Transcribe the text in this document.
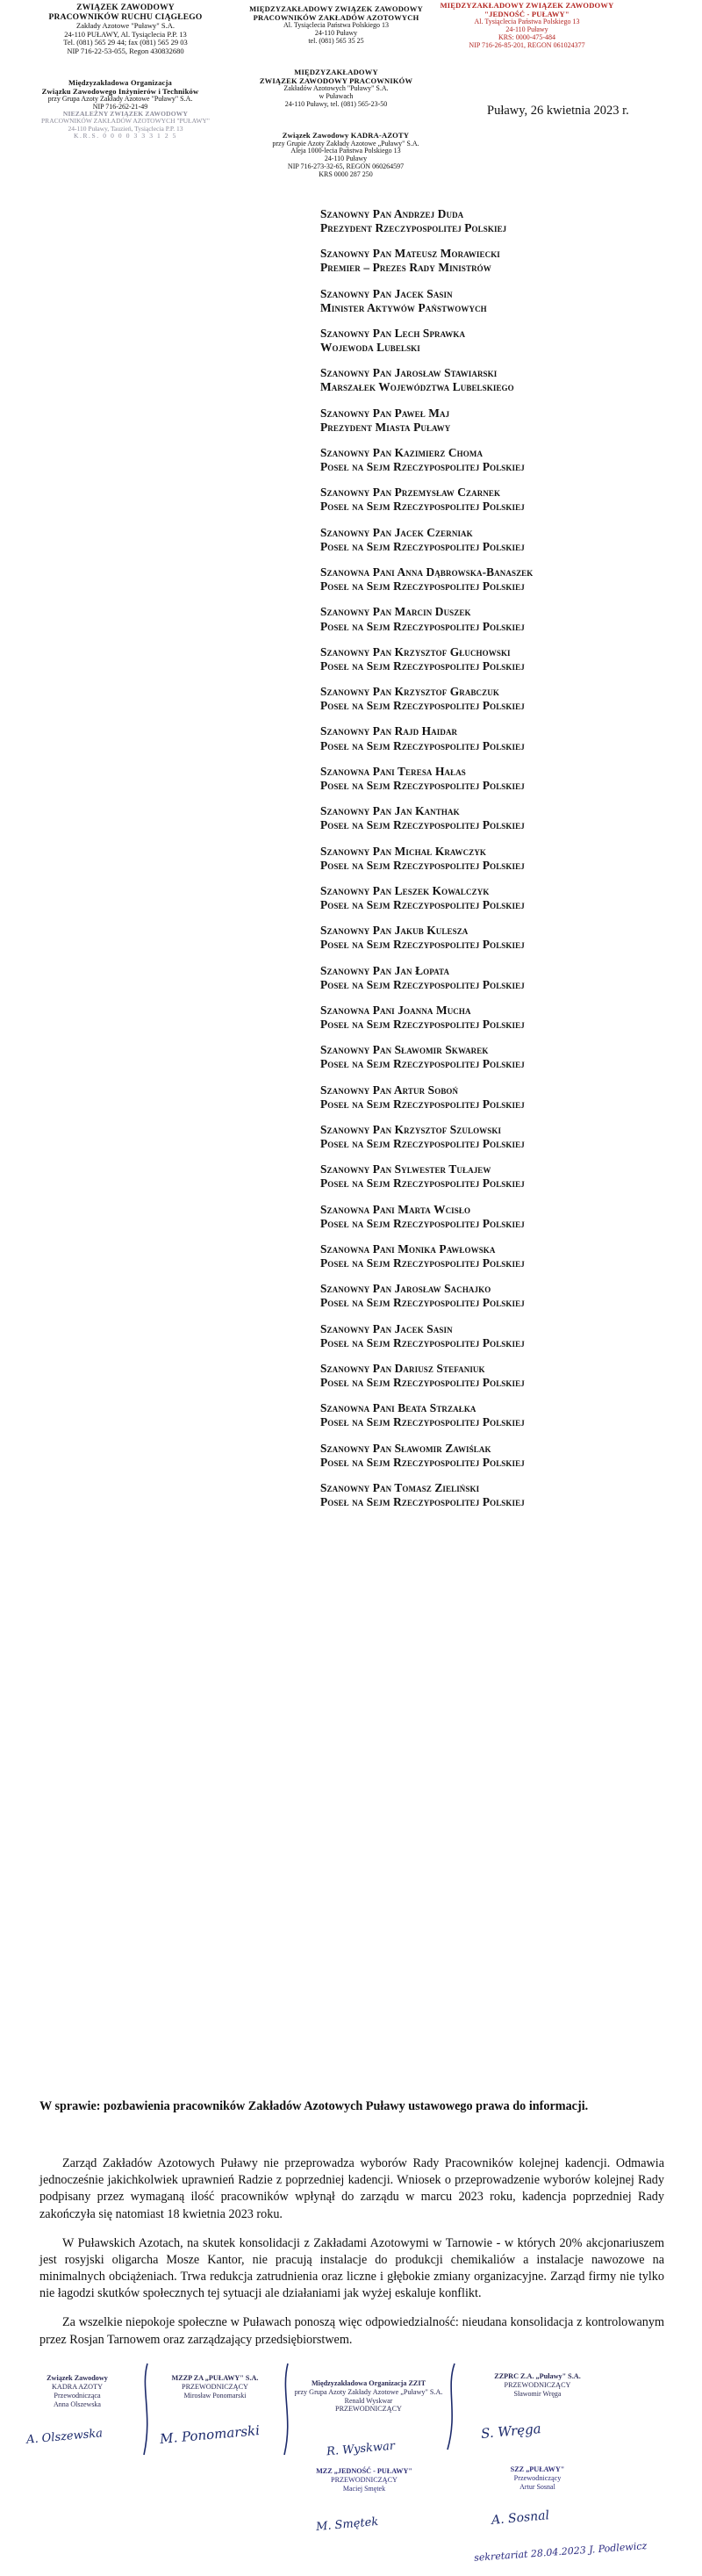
ZWIĄZEK ZAWODOWY
PRACOWNIKÓW RUCHU CIĄGŁEGO
Zakłady Azotowe "Puławy" S.A.
24-110 PUŁAWY, Al. Tysiąclecia P.P. 13
Tel. (081) 565 29 44; fax (081) 565 29 03
NIP 716-22-53-055, Regon 430832680
Międzyzakładowa Organizacja
Związku Zawodowego Inżynierów i Techników
przy Grupa Azoty Zakłady Azotowe "Puławy" S.A.
NIP 716-262-21-49
NIEZALEŻNY ZWIĄZEK ZAWODOWY
PRACOWNIKÓW ZAKŁADÓW AZOTOWYCH "PUŁAWY"
24-110 Puławy, Tauzień, Tysiąclecia P.P. 13
K.R.S. 0 0 0 0 3 3 3 1 2 5
MIĘDZYZAKŁADOWY ZWIĄZEK ZAWODOWY
PRACOWNIKÓW ZAKŁADÓW AZOTOWYCH
Al. Tysiąclecia Państwa Polskiego 13
24-110 Puławy
tel. (081) 565 35 25
MIĘDZYZAKŁADOWY
ZWIĄZEK ZAWODOWY PRACOWNIKÓW
Zakładów Azotowych "Puławy" S.A.
w Puławach
24-110 Puławy, tel. (081) 565-23-50
MIĘDZYZAKŁADOWY ZWIĄZEK ZAWODOWY
"JEDNOŚĆ - PUŁAWY"
Al. Tysiąclecia Państwa Polskiego 13
24-110 Puławy
KRS: 0000-475-484
NIP 716-26-85-201, REGON 061024377
Związek Zawodowy KADRA-AZOTY
przy Grupie Azoty Zakłady Azotowe „Puławy" S.A.
Aleja 1000-lecia Państwa Polskiego 13
24-110 Puławy
NIP 716-273-32-65, REGON 060264597
KRS 0000 287 250
Puławy, 26 kwietnia 2023 r.
Szanowny Pan Andrzej Duda
Prezydent Rzeczypospolitej Polskiej
Szanowny Pan Mateusz Morawiecki
Premier – Prezes Rady Ministrów
Szanowny Pan Jacek Sasin
Minister Aktywów Państwowych
Szanowny Pan Lech Sprawka
Wojewoda Lubelski
Szanowny Pan Jarosław Stawiarski
Marszałek Województwa Lubelskiego
Szanowny Pan Paweł Maj
Prezydent Miasta Puławy
Szanowny Pan Kazimierz Choma
Poseł na Sejm Rzeczypospolitej Polskiej
Szanowny Pan Przemysław Czarnek
Poseł na Sejm Rzeczypospolitej Polskiej
Szanowny Pan Jacek Czerniak
Poseł na Sejm Rzeczypospolitej Polskiej
Szanowna Pani Anna Dąbrowska-Banaszek
Poseł na Sejm Rzeczypospolitej Polskiej
Szanowny Pan Marcin Duszek
Poseł na Sejm Rzeczypospolitej Polskiej
Szanowny Pan Krzysztof Głuchowski
Poseł na Sejm Rzeczypospolitej Polskiej
Szanowny Pan Krzysztof Grabczuk
Poseł na Sejm Rzeczypospolitej Polskiej
Szanowny Pan Rajd Haidar
Poseł na Sejm Rzeczypospolitej Polskiej
Szanowna Pani Teresa Hałas
Poseł na Sejm Rzeczypospolitej Polskiej
Szanowny Pan Jan Kanthak
Poseł na Sejm Rzeczypospolitej Polskiej
Szanowny Pan Michał Krawczyk
Poseł na Sejm Rzeczypospolitej Polskiej
Szanowny Pan Leszek Kowalczyk
Poseł na Sejm Rzeczypospolitej Polskiej
Szanowny Pan Jakub Kulesza
Poseł na Sejm Rzeczypospolitej Polskiej
Szanowny Pan Jan Łopata
Poseł na Sejm Rzeczypospolitej Polskiej
Szanowna Pani Joanna Mucha
Poseł na Sejm Rzeczypospolitej Polskiej
Szanowny Pan Sławomir Skwarek
Poseł na Sejm Rzeczypospolitej Polskiej
Szanowny Pan Artur Soboń
Poseł na Sejm Rzeczypospolitej Polskiej
Szanowny Pan Krzysztof Szulowski
Poseł na Sejm Rzeczypospolitej Polskiej
Szanowny Pan Sylwester Tułajew
Poseł na Sejm Rzeczypospolitej Polskiej
Szanowna Pani Marta Wcisło
Poseł na Sejm Rzeczypospolitej Polskiej
Szanowna Pani Monika Pawłowska
Poseł na Sejm Rzeczypospolitej Polskiej
Szanowny Pan Jarosław Sachajko
Poseł na Sejm Rzeczypospolitej Polskiej
Szanowny Pan Jacek Sasin
Poseł na Sejm Rzeczypospolitej Polskiej
Szanowny Pan Dariusz Stefaniuk
Poseł na Sejm Rzeczypospolitej Polskiej
Szanowna Pani Beata Strzałka
Poseł na Sejm Rzeczypospolitej Polskiej
Szanowny Pan Sławomir Zawiślak
Poseł na Sejm Rzeczypospolitej Polskiej
Szanowny Pan Tomasz Zieliński
Poseł na Sejm Rzeczypospolitej Polskiej
W sprawie: pozbawienia pracowników Zakładów Azotowych Puławy ustawowego prawa do informacji.

Zarząd Zakładów Azotowych Puławy nie przeprowadza wyborów Rady Pracowników kolejnej kadencji. Odmawia jednocześnie jakichkolwiek uprawnień Radzie z poprzedniej kadencji. Wniosek o przeprowadzenie wyborów kolejnej Rady podpisany przez wymaganą ilość pracowników wpłynął do zarządu w marcu 2023 roku, kadencja poprzedniej Rady zakończyła się natomiast 18 kwietnia 2023 roku.

W Puławskich Azotach, na skutek konsolidacji z Zakładami Azotowymi w Tarnowie - w których 20% akcjonariuszem jest rosyjski oligarcha Mosze Kantor, nie pracują instalacje do produkcji chemikaliów a instalacje nawozowe na minimalnych obciążeniach. Trwa redukcja zatrudnienia oraz liczne i głębokie zmiany organizacyjne. Zarząd firmy nie tylko nie łagodzi skutków społecznych tej sytuacji ale działaniami jak wyżej eskaluje konflikt.

Za wszelkie niepokoje społeczne w Puławach ponoszą więc odpowiedzialność: nieudana konsolidacja z kontrolowanym przez Rosjan Tarnowem oraz zarządzający przedsiębiorstwem.

Związek Zawodowy
KADRA AZOTY
Przewodnicząca
Anna Olszewska
MZZP ZA „PUŁAWY" S.A.
PRZEWODNICZĄCY
Mirosław Ponomarski
Międzyzakładowa Organizacja ZZIT
przy Grupa Azoty Zakłady Azotowe „Puławy" S.A.
Renald Wyskwar
PRZEWODNICZĄCY
ZZPRC Z.A. „Puławy" S.A.
PRZEWODNICZĄCY
Sławomir Wręga
MZZ „JEDNOŚĆ - PUŁAWY"
PRZEWODNICZĄCY
Maciej Smętek
SZZ „PUŁAWY"
Przewodniczący
Artur Sosnal
A. Olszewska	M. Ponomarski
R. Wyskwar
S. Wręga
M. Smętek	A. Sosnal
sekretariat 28.04.2023 J. Podlewicz
